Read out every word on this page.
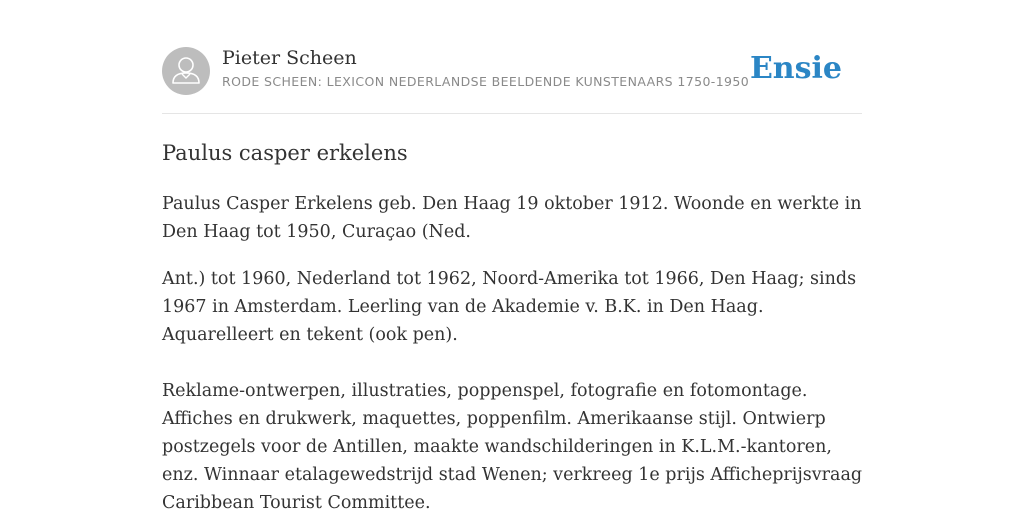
Pieter Scheen
RODE SCHEEN: LEXICON NEDERLANDSE BEELDENDE KUNSTENAARS 1750-1950 Ensie
Paulus casper erkelens

Paulus Casper Erkelens geb. Den Haag 19 oktober 1912. Woonde en werkte in Den Haag tot 1950, Curaçao (Ned.

Ant.) tot 1960, Nederland tot 1962, Noord-Amerika tot 1966, Den Haag; sinds 1967 in Amsterdam. Leerling van de Akademie v. B.K. in Den Haag. Aquarelleert en tekent (ook pen).

Reklame-ontwerpen, illustraties, poppenspel, fotografie en fotomontage. Affiches en drukwerk, maquettes, poppenfilm. Amerikaanse stijl. Ontwierp postzegels voor de Antillen, maakte wandschilderingen in K.L.M.-kantoren, enz. Winnaar etalagewedstrijd stad Wenen; verkreeg 1e prijs Afficheprijsvraag Caribbean Tourist Committee.
